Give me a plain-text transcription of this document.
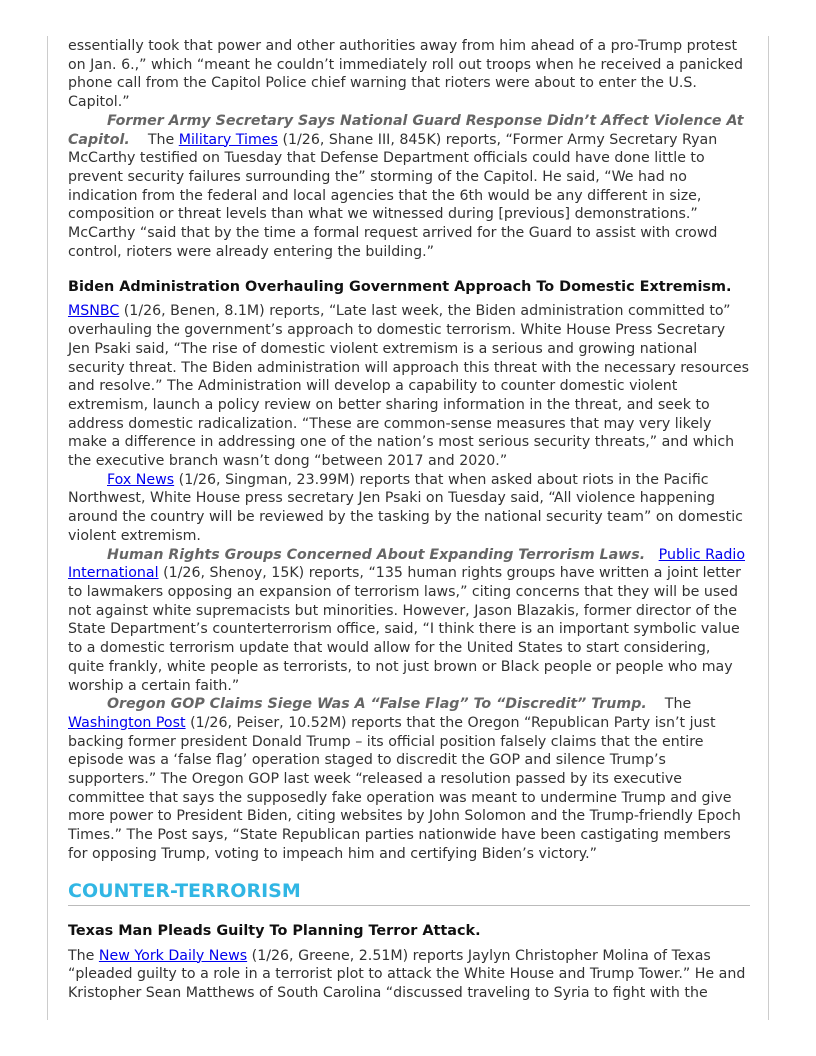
essentially took that power and other authorities away from him ahead of a pro-Trump protest on Jan. 6.,” which “meant he couldn’t immediately roll out troops when he received a panicked phone call from the Capitol Police chief warning that rioters were about to enter the U.S. Capitol.”

Former Army Secretary Says National Guard Response Didn’t Affect Violence At Capitol. The Military Times (1/26, Shane III, 845K) reports, “Former Army Secretary Ryan McCarthy testified on Tuesday that Defense Department officials could have done little to prevent security failures surrounding the” storming of the Capitol. He said, “We had no indication from the federal and local agencies that the 6th would be any different in size, composition or threat levels than what we witnessed during [previous] demonstrations.” McCarthy “said that by the time a formal request arrived for the Guard to assist with crowd control, rioters were already entering the building.”

Biden Administration Overhauling Government Approach To Domestic Extremism.

MSNBC (1/26, Benen, 8.1M) reports, “Late last week, the Biden administration committed to” overhauling the government’s approach to domestic terrorism. White House Press Secretary Jen Psaki said, “The rise of domestic violent extremism is a serious and growing national security threat. The Biden administration will approach this threat with the necessary resources and resolve.” The Administration will develop a capability to counter domestic violent extremism, launch a policy review on better sharing information in the threat, and seek to address domestic radicalization. “These are common-sense measures that may very likely make a difference in addressing one of the nation’s most serious security threats,” and which the executive branch wasn’t dong “between 2017 and 2020.”

Fox News (1/26, Singman, 23.99M) reports that when asked about riots in the Pacific Northwest, White House press secretary Jen Psaki on Tuesday said, “All violence happening around the country will be reviewed by the tasking by the national security team” on domestic violent extremism.

Human Rights Groups Concerned About Expanding Terrorism Laws. Public Radio International (1/26, Shenoy, 15K) reports, “135 human rights groups have written a joint letter to lawmakers opposing an expansion of terrorism laws,” citing concerns that they will be used not against white supremacists but minorities. However, Jason Blazakis, former director of the State Department’s counterterrorism office, said, “I think there is an important symbolic value to a domestic terrorism update that would allow for the United States to start considering, quite frankly, white people as terrorists, to not just brown or Black people or people who may worship a certain faith.”

Oregon GOP Claims Siege Was A “False Flag” To “Discredit” Trump. The Washington Post (1/26, Peiser, 10.52M) reports that the Oregon “Republican Party isn’t just backing former president Donald Trump – its official position falsely claims that the entire episode was a ‘false flag’ operation staged to discredit the GOP and silence Trump’s supporters.” The Oregon GOP last week “released a resolution passed by its executive committee that says the supposedly fake operation was meant to undermine Trump and give more power to President Biden, citing websites by John Solomon and the Trump-friendly Epoch Times.” The Post says, “State Republican parties nationwide have been castigating members for opposing Trump, voting to impeach him and certifying Biden’s victory.”

COUNTER-TERRORISM
Texas Man Pleads Guilty To Planning Terror Attack.

The New York Daily News (1/26, Greene, 2.51M) reports Jaylyn Christopher Molina of Texas “pleaded guilty to a role in a terrorist plot to attack the White House and Trump Tower.” He and Kristopher Sean Matthews of South Carolina “discussed traveling to Syria to fight with the
